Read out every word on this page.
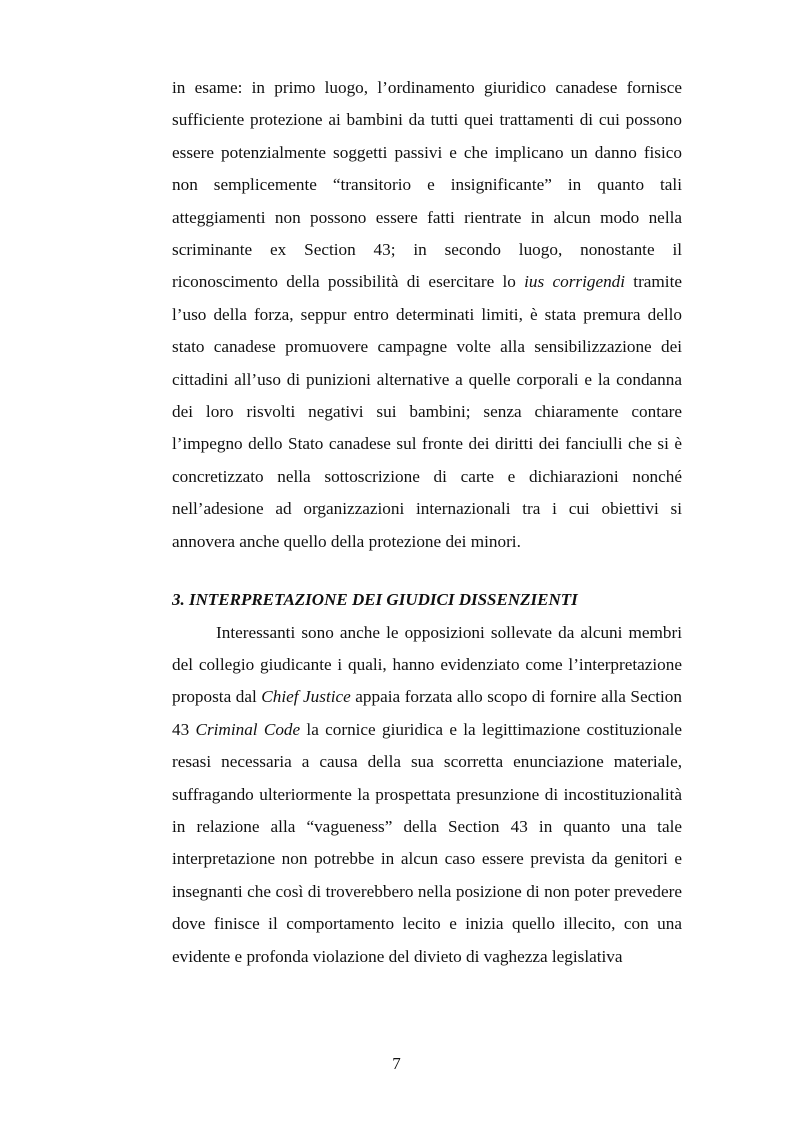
in esame: in primo luogo, l’ordinamento giuridico canadese fornisce sufficiente protezione ai bambini da tutti quei trattamenti di cui possono essere potenzialmente soggetti passivi e che implicano un danno fisico non semplicemente “transitorio e insignificante” in quanto tali atteggiamenti non possono essere fatti rientrate in alcun modo nella scriminante ex Section 43; in secondo luogo, nonostante il riconoscimento della possibilità di esercitare lo ius corrigendi tramite l’uso della forza, seppur entro determinati limiti, è stata premura dello stato canadese promuovere campagne volte alla sensibilizzazione dei cittadini all’uso di punizioni alternative a quelle corporali e la condanna dei loro risvolti negativi sui bambini; senza chiaramente contare l’impegno dello Stato canadese sul fronte dei diritti dei fanciulli che si è concretizzato nella sottoscrizione di carte e dichiarazioni nonché nell’adesione ad organizzazioni internazionali tra i cui obiettivi si annovera anche quello della protezione dei minori.

3. INTERPRETAZIONE DEI GIUDICI DISSENZIENTI

Interessanti sono anche le opposizioni sollevate da alcuni membri del collegio giudicante i quali, hanno evidenziato come l’interpretazione proposta dal Chief Justice appaia forzata allo scopo di fornire alla Section 43 Criminal Code la cornice giuridica e la legittimazione costituzionale resasi necessaria a causa della sua scorretta enunciazione materiale, suffragando ulteriormente la prospettata presunzione di incostituzionalità in relazione alla “vagueness” della Section 43 in quanto una tale interpretazione non potrebbe in alcun caso essere prevista da genitori e insegnanti che così di troverebbero nella posizione di non poter prevedere dove finisce il comportamento lecito e inizia quello illecito, con una evidente e profonda violazione del divieto di vaghezza legislativa

7
